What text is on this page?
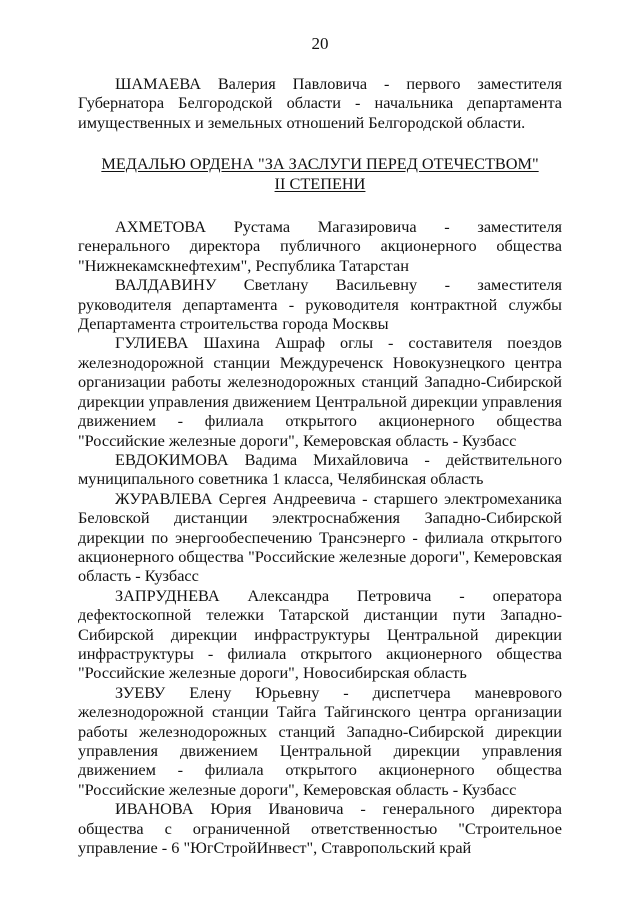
20

ШАМАЕВА Валерия Павловича - первого заместителя Губернатора Белгородской области - начальника департамента имущественных и земельных отношений Белгородской области.

МЕДАЛЬЮ ОРДЕНА "ЗА ЗАСЛУГИ ПЕРЕД ОТЕЧЕСТВОМ"
II СТЕПЕНИ

АХМЕТОВА Рустама Магазировича - заместителя генерального директора публичного акционерного общества "Нижнекамскнефтехим", Республика Татарстан

ВАЛДАВИНУ Светлану Васильевну - заместителя руководителя департамента - руководителя контрактной службы Департамента строительства города Москвы

ГУЛИЕВА Шахина Ашраф оглы - составителя поездов железнодорожной станции Междуреченск Новокузнецкого центра организации работы железнодорожных станций Западно-Сибирской дирекции управления движением Центральной дирекции управления движением - филиала открытого акционерного общества "Российские железные дороги", Кемеровская область - Кузбасс

ЕВДОКИМОВА Вадима Михайловича - действительного муниципального советника 1 класса, Челябинская область

ЖУРАВЛЕВА Сергея Андреевича - старшего электромеханика Беловской дистанции электроснабжения Западно-Сибирской дирекции по энергообеспечению Трансэнерго - филиала открытого акционерного общества "Российские железные дороги", Кемеровская область - Кузбасс

ЗАПРУДНЕВА Александра Петровича - оператора дефектоскопной тележки Татарской дистанции пути Западно-Сибирской дирекции инфраструктуры Центральной дирекции инфраструктуры - филиала открытого акционерного общества "Российские железные дороги", Новосибирская область

ЗУЕВУ Елену Юрьевну - диспетчера маневрового железнодорожной станции Тайга Тайгинского центра организации работы железнодорожных станций Западно-Сибирской дирекции управления движением Центральной дирекции управления движением - филиала открытого акционерного общества "Российские железные дороги", Кемеровская область - Кузбасс

ИВАНОВА Юрия Ивановича - генерального директора общества с ограниченной ответственностью "Строительное управление - 6 "ЮгСтройИнвест", Ставропольский край
